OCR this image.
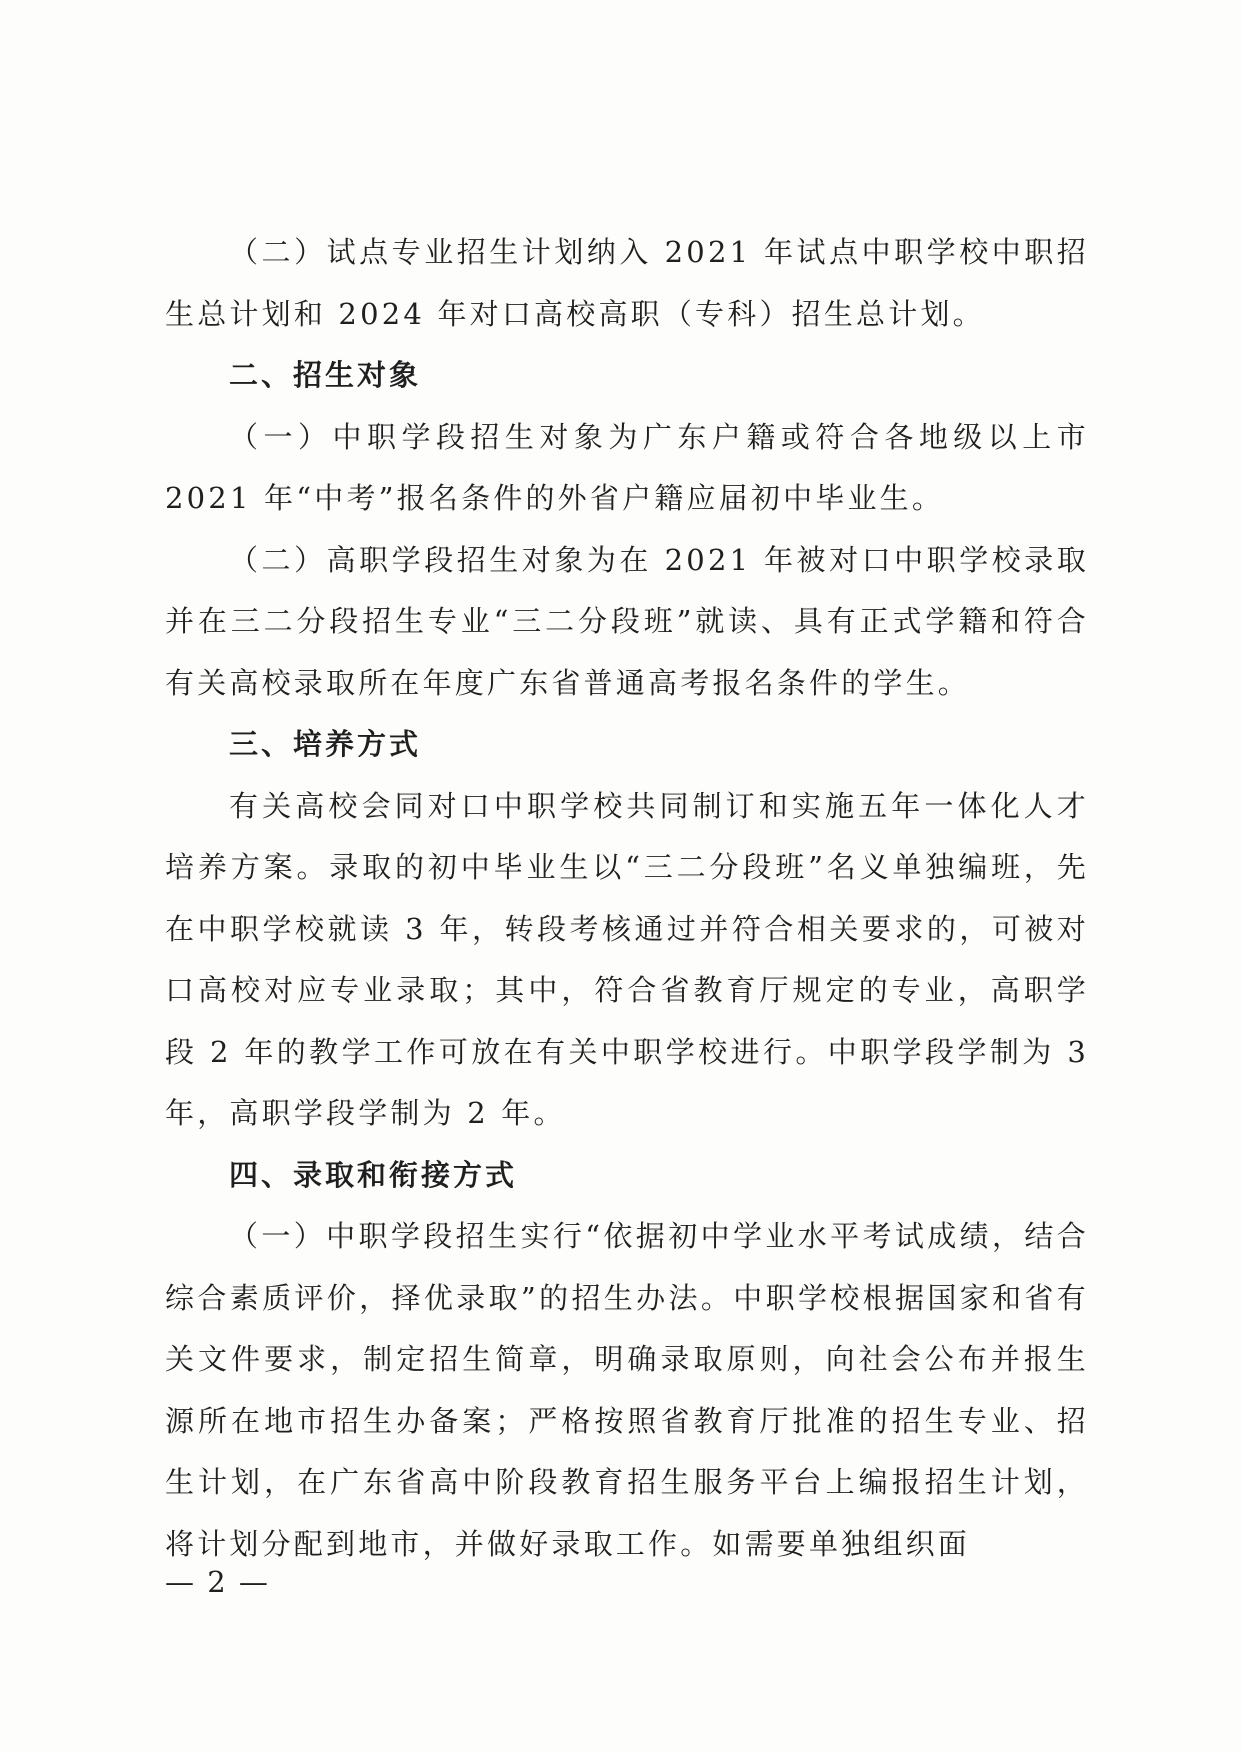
（二）试点专业招生计划纳入 2021 年试点中职学校中职招生总计划和 2024 年对口高校高职（专科）招生总计划。

二、招生对象

（一）中职学段招生对象为广东户籍或符合各地级以上市 2021 年“中考”报名条件的外省户籍应届初中毕业生。

（二）高职学段招生对象为在 2021 年被对口中职学校录取并在三二分段招生专业“三二分段班”就读、具有正式学籍和符合有关高校录取所在年度广东省普通高考报名条件的学生。

三、培养方式

有关高校会同对口中职学校共同制订和实施五年一体化人才培养方案。录取的初中毕业生以“三二分段班”名义单独编班，先在中职学校就读 3 年，转段考核通过并符合相关要求的，可被对口高校对应专业录取；其中，符合省教育厅规定的专业，高职学段 2 年的教学工作可放在有关中职学校进行。中职学段学制为 3 年，高职学段学制为 2 年。

四、录取和衔接方式

（一）中职学段招生实行“依据初中学业水平考试成绩，结合综合素质评价，择优录取”的招生办法。中职学校根据国家和省有关文件要求，制定招生简章，明确录取原则，向社会公布并报生源所在地市招生办备案；严格按照省教育厅批准的招生专业、招生计划，在广东省高中阶段教育招生服务平台上编报招生计划，将计划分配到地市，并做好录取工作。如需要单独组织面

— 2 —
